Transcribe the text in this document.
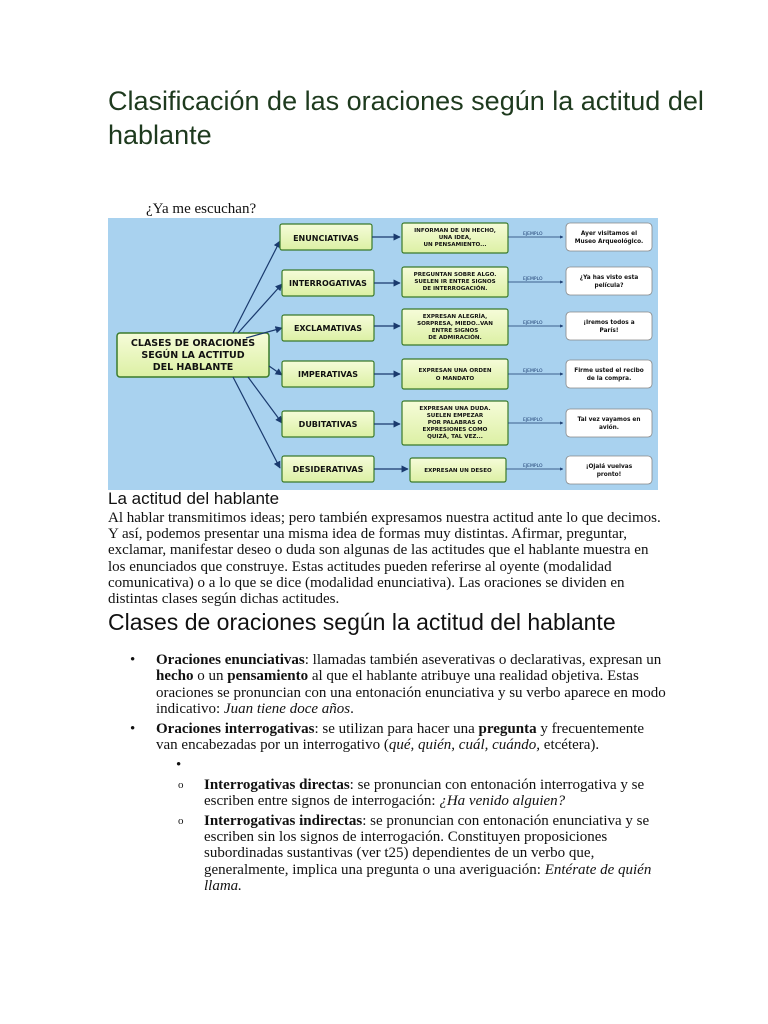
Clasificación de las oraciones según la actitud del hablante

¿Ya me escuchan?

CLASES DE ORACIONES
SEGÚN LA ACTITUD
DEL HABLANTE
ENUNCIATIVAS
INFORMAN DE UN HECHO,
UNA IDEA,
UN PENSAMIENTO...
EJEMPLO	Ayer visitamos el
Museo Arqueológico.
INTERROGATIVAS
PREGUNTAN SOBRE ALGO.
SUELEN IR ENTRE SIGNOS
DE INTERROGACIÓN.
EJEMPLO	¿Ya has visto esta
película?
EXCLAMATIVAS
EXPRESAN ALEGRÍA,
SORPRESA, MIEDO..VAN
ENTRE SIGNOS
DE ADMIRACIÓN.
EJEMPLO	¡Iremos todos a
París!
IMPERATIVAS	EXPRESAN UNA ORDEN
O MANDATO
EJEMPLO	Firme usted el recibo
de la compra.
DUBITATIVAS
EXPRESAN UNA DUDA.
SUELEN EMPEZAR
POR PALABRAS O
EXPRESIONES COMO
QUIZÁ, TAL VEZ...
EJEMPLO	Tal vez vayamos en
avión.
DESIDERATIVAS	EXPRESAN UN DESEO
EJEMPLO	¡Ojalá vuelvas
pronto!
La actitud del hablante

Al hablar transmitimos ideas; pero también expresamos nuestra actitud ante lo que decimos. Y así, podemos presentar una misma idea de formas muy distintas. Afirmar, preguntar, exclamar, manifestar deseo o duda son algunas de las actitudes que el hablante muestra en los enunciados que construye. Estas actitudes pueden referirse al oyente (modalidad comunicativa) o a lo que se dice (modalidad enunciativa). Las oraciones se dividen en distintas clases según dichas actitudes.

Clases de oraciones según la actitud del hablante
• Oraciones enunciativas: llamadas también aseverativas o declarativas, expresan un hecho o un pensamiento al que el hablante atribuye una realidad objetiva. Estas oraciones se pronuncian con una entonación enunciativa y su verbo aparece en modo indicativo: Juan tiene doce años.
• Oraciones interrogativas: se utilizan para hacer una pregunta y frecuentemente van encabezadas por un interrogativo (qué, quién, cuál, cuándo, etcétera).
•

o Interrogativas directas: se pronuncian con entonación interrogativa y se escriben entre signos de interrogación: ¿Ha venido alguien?
o Interrogativas indirectas: se pronuncian con entonación enunciativa y se escriben sin los signos de interrogación. Constituyen proposiciones subordinadas sustantivas (ver t25) dependientes de un verbo que, generalmente, implica una pregunta o una averiguación: Entérate de quién llama.
